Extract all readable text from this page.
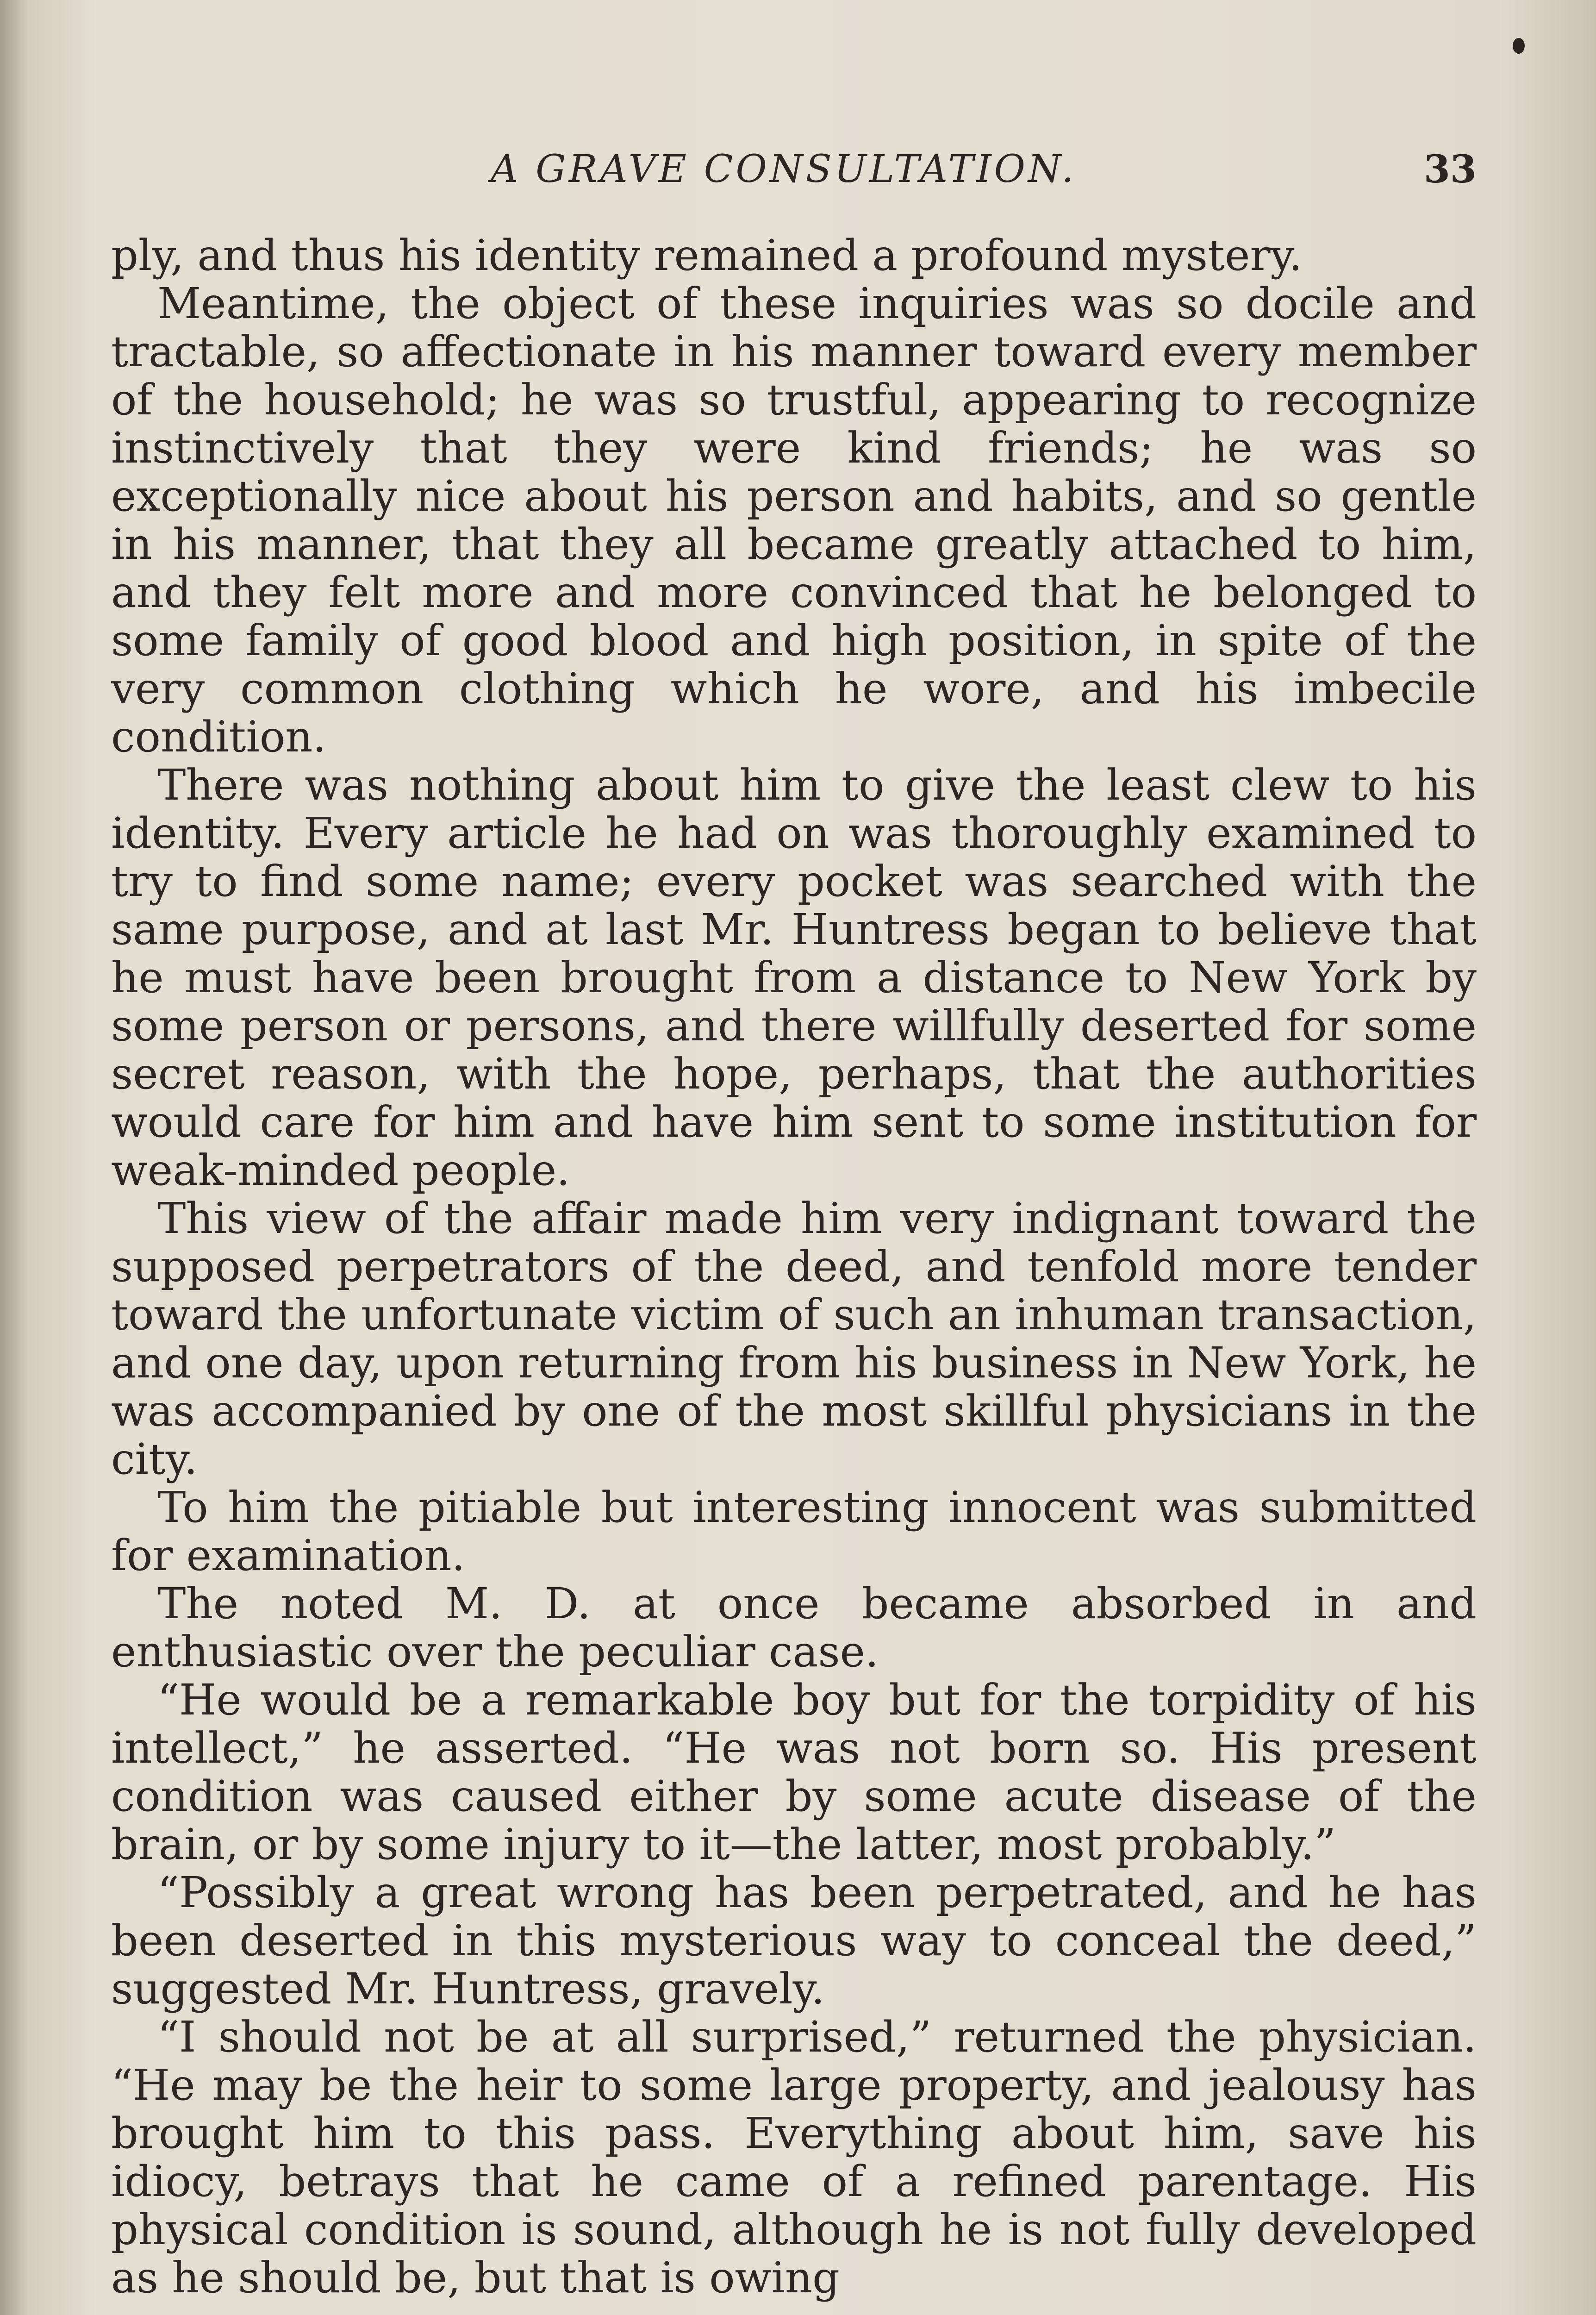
A GRAVE CONSULTATION.	33

ply, and thus his identity remained a profound mystery.

Meantime, the object of these inquiries was so docile and tractable, so affectionate in his manner toward every member of the household; he was so trustful, appearing to recognize instinctively that they were kind friends; he was so exceptionally nice about his person and habits, and so gentle in his manner, that they all became greatly attached to him, and they felt more and more convinced that he belonged to some family of good blood and high position, in spite of the very common clothing which he wore, and his imbecile condition.

There was nothing about him to give the least clew to his identity. Every article he had on was thoroughly examined to try to find some name; every pocket was searched with the same purpose, and at last Mr. Huntress began to believe that he must have been brought from a distance to New York by some person or persons, and there willfully deserted for some secret reason, with the hope, perhaps, that the authorities would care for him and have him sent to some institution for weak-minded people.

This view of the affair made him very indignant toward the supposed perpetrators of the deed, and tenfold more tender toward the unfortunate victim of such an inhuman transaction, and one day, upon returning from his business in New York, he was accompanied by one of the most skillful physicians in the city.

To him the pitiable but interesting innocent was submitted for examination.

The noted M. D. at once became absorbed in and enthusiastic over the peculiar case.

“He would be a remarkable boy but for the torpidity of his intellect,” he asserted. “He was not born so. His present condition was caused either by some acute disease of the brain, or by some injury to it—the latter, most probably.”

“Possibly a great wrong has been perpetrated, and he has been deserted in this mysterious way to conceal the deed,” suggested Mr. Huntress, gravely.

“I should not be at all surprised,” returned the physician. “He may be the heir to some large property, and jealousy has brought him to this pass. Everything about him, save his idiocy, betrays that he came of a refined parentage. His physical condition is sound, although he is not fully developed as he should be, but that is owing
